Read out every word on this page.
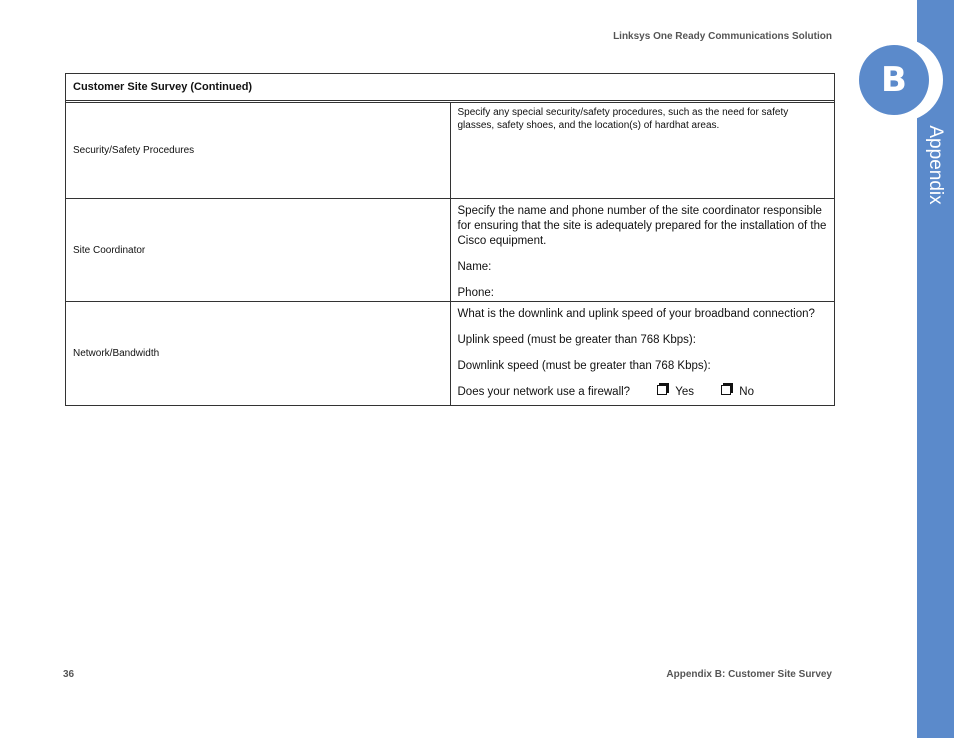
Linksys One Ready Communications Solution
Customer Site Survey (Continued)	

Security/Safety Procedures	Specify any special security/safety procedures, such as the need for safety glasses, safety shoes, and the location(s) of hardhat areas.

Site Coordinator	Specify the name and phone number of the site coordinator responsible for ensuring that the site is adequately prepared for the installation of the Cisco equipment.

Name:

Phone:

Network/Bandwidth	What is the downlink and uplink speed of your broadband connection?

Uplink speed (must be greater than 768 Kbps):

Downlink speed (must be greater than 768 Kbps):

Does your network use a firewall? Yes No

B
Appendix
36	Appendix B: Customer Site Survey
